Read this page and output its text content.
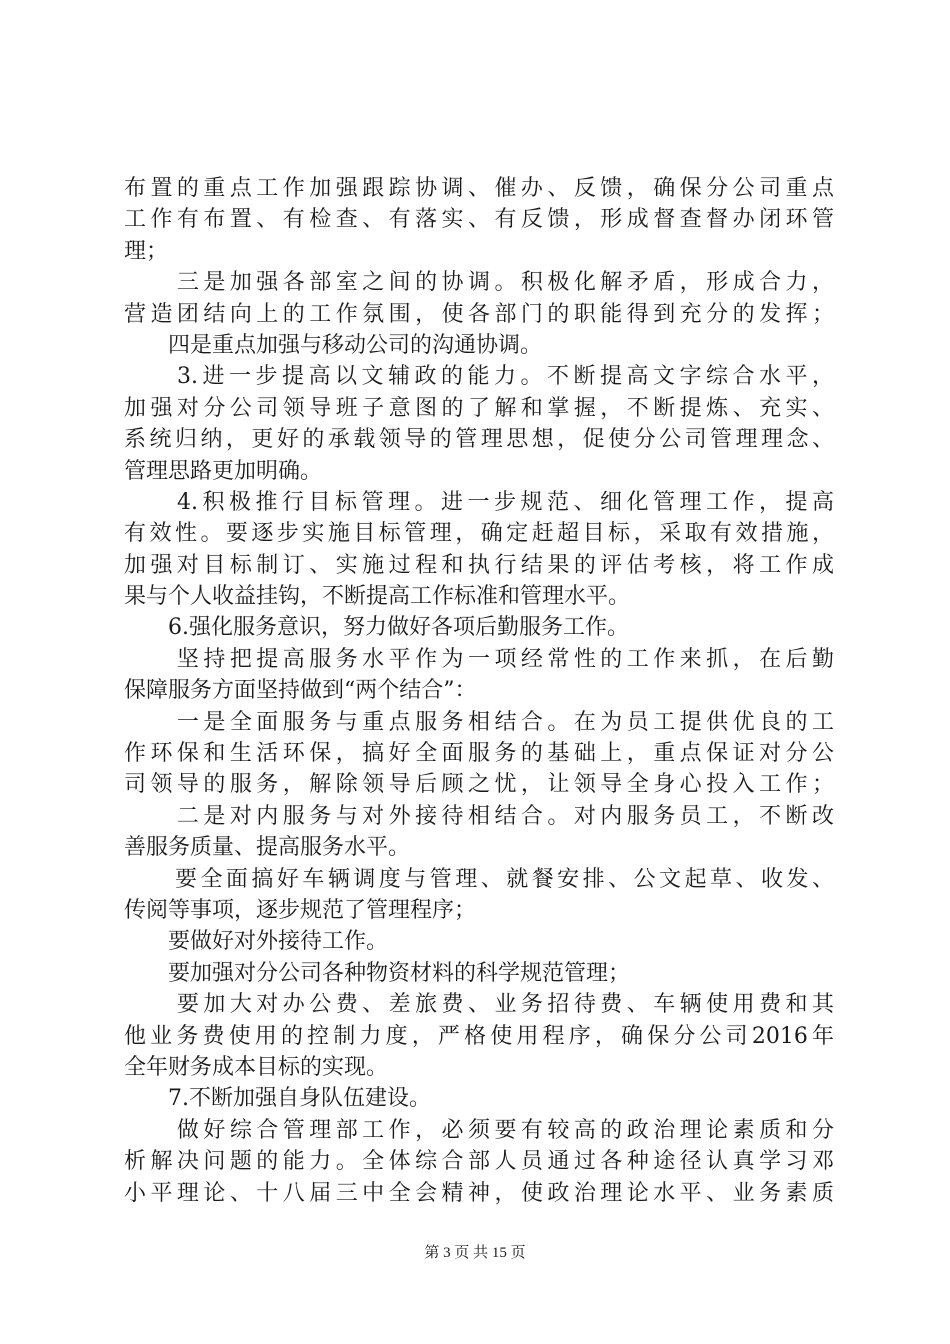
布置的重点工作加强跟踪协调、催办、反馈，确保分公司重点
工作有布置、有检查、有落实、有反馈，形成督查督办闭环管
理；
　　三是加强各部室之间的协调。积极化解矛盾，形成合力，
营造团结向上的工作氛围，使各部门的职能得到充分的发挥；
　　四是重点加强与移动公司的沟通协调。
　　3.进一步提高以文辅政的能力。不断提高文字综合水平，
加强对分公司领导班子意图的了解和掌握，不断提炼、充实、
系统归纳，更好的承载领导的管理思想，促使分公司管理理念、
管理思路更加明确。
　　4.积极推行目标管理。进一步规范、细化管理工作，提高
有效性。要逐步实施目标管理，确定赶超目标，采取有效措施，
加强对目标制订、实施过程和执行结果的评估考核，将工作成
果与个人收益挂钩，不断提高工作标准和管理水平。
　　6.强化服务意识，努力做好各项后勤服务工作。
　　坚持把提高服务水平作为一项经常性的工作来抓，在后勤
保障服务方面坚持做到“两个结合”：
　　一是全面服务与重点服务相结合。在为员工提供优良的工
作环保和生活环保，搞好全面服务的基础上，重点保证对分公
司领导的服务，解除领导后顾之忧，让领导全身心投入工作；
　　二是对内服务与对外接待相结合。对内服务员工，不断改
善服务质量、提高服务水平。
　　要全面搞好车辆调度与管理、就餐安排、公文起草、收发、
传阅等事项，逐步规范了管理程序；
　　要做好对外接待工作。
　　要加强对分公司各种物资材料的科学规范管理；
　　要加大对办公费、差旅费、业务招待费、车辆使用费和其
他业务费使用的控制力度，严格使用程序，确保分公司2016年
全年财务成本目标的实现。
　　7.不断加强自身队伍建设。
　　做好综合管理部工作，必须要有较高的政治理论素质和分
析解决问题的能力。全体综合部人员通过各种途径认真学习邓
小平理论、十八届三中全会精神，使政治理论水平、业务素质
第 3 页 共 15 页
